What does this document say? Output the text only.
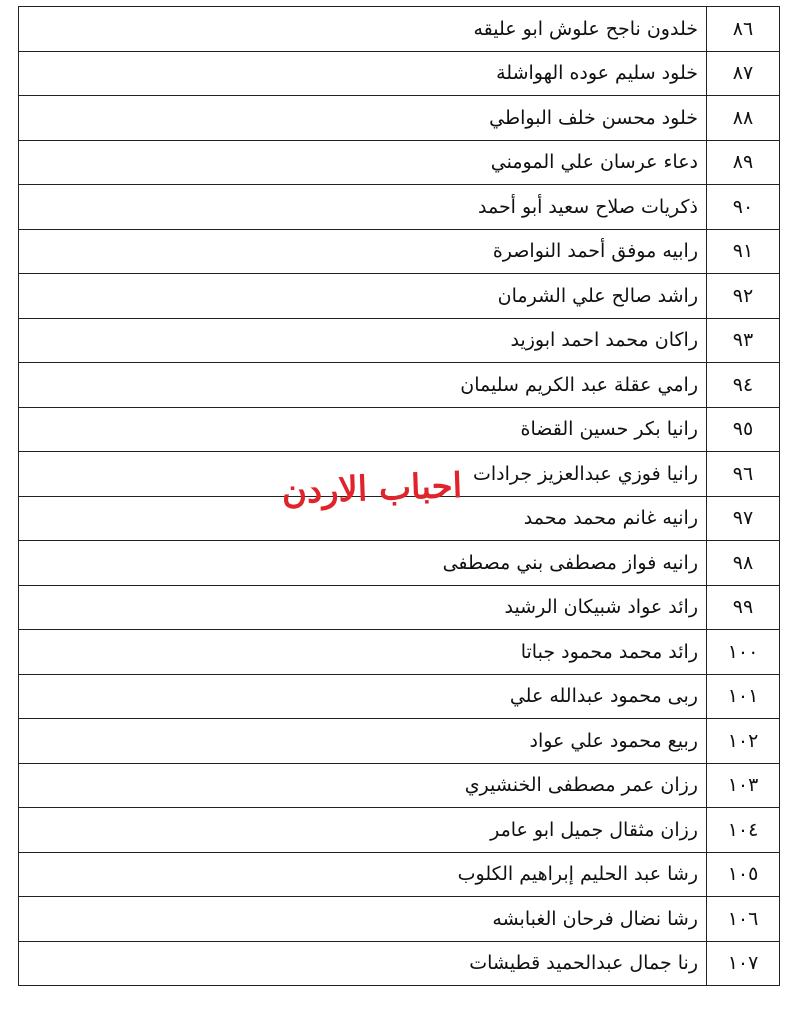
٨٦	خلدون ناجح علوش ابو عليقه
٨٧	خلود سليم عوده الهواشلة
٨٨	خلود محسن خلف البواطي
٨٩	دعاء عرسان علي المومني
٩٠	ذكريات صلاح سعيد أبو أحمد
٩١	رابيه موفق أحمد النواصرة
٩٢	راشد صالح علي الشرمان
٩٣	راكان محمد احمد ابوزيد
٩٤	رامي عقلة عبد الكريم سليمان
٩٥	رانيا بكر حسين القضاة
٩٦	رانيا فوزي عبدالعزيز جرادات
٩٧	رانيه غانم محمد محمد
٩٨	رانيه فواز مصطفى بني مصطفى
٩٩	رائد عواد شبيكان الرشيد
١٠٠	رائد محمد محمود جباتا
١٠١	ربى محمود عبدالله علي
١٠٢	ربيع محمود علي عواد
١٠٣	رزان عمر مصطفى الخنشيري
١٠٤	رزان مثقال جميل ابو عامر
١٠٥	رشا عبد الحليم إبراهيم الكلوب
١٠٦	رشا نضال فرحان الغبابشه
١٠٧	رنا جمال عبدالحميد قطيشات
احباب الاردن
